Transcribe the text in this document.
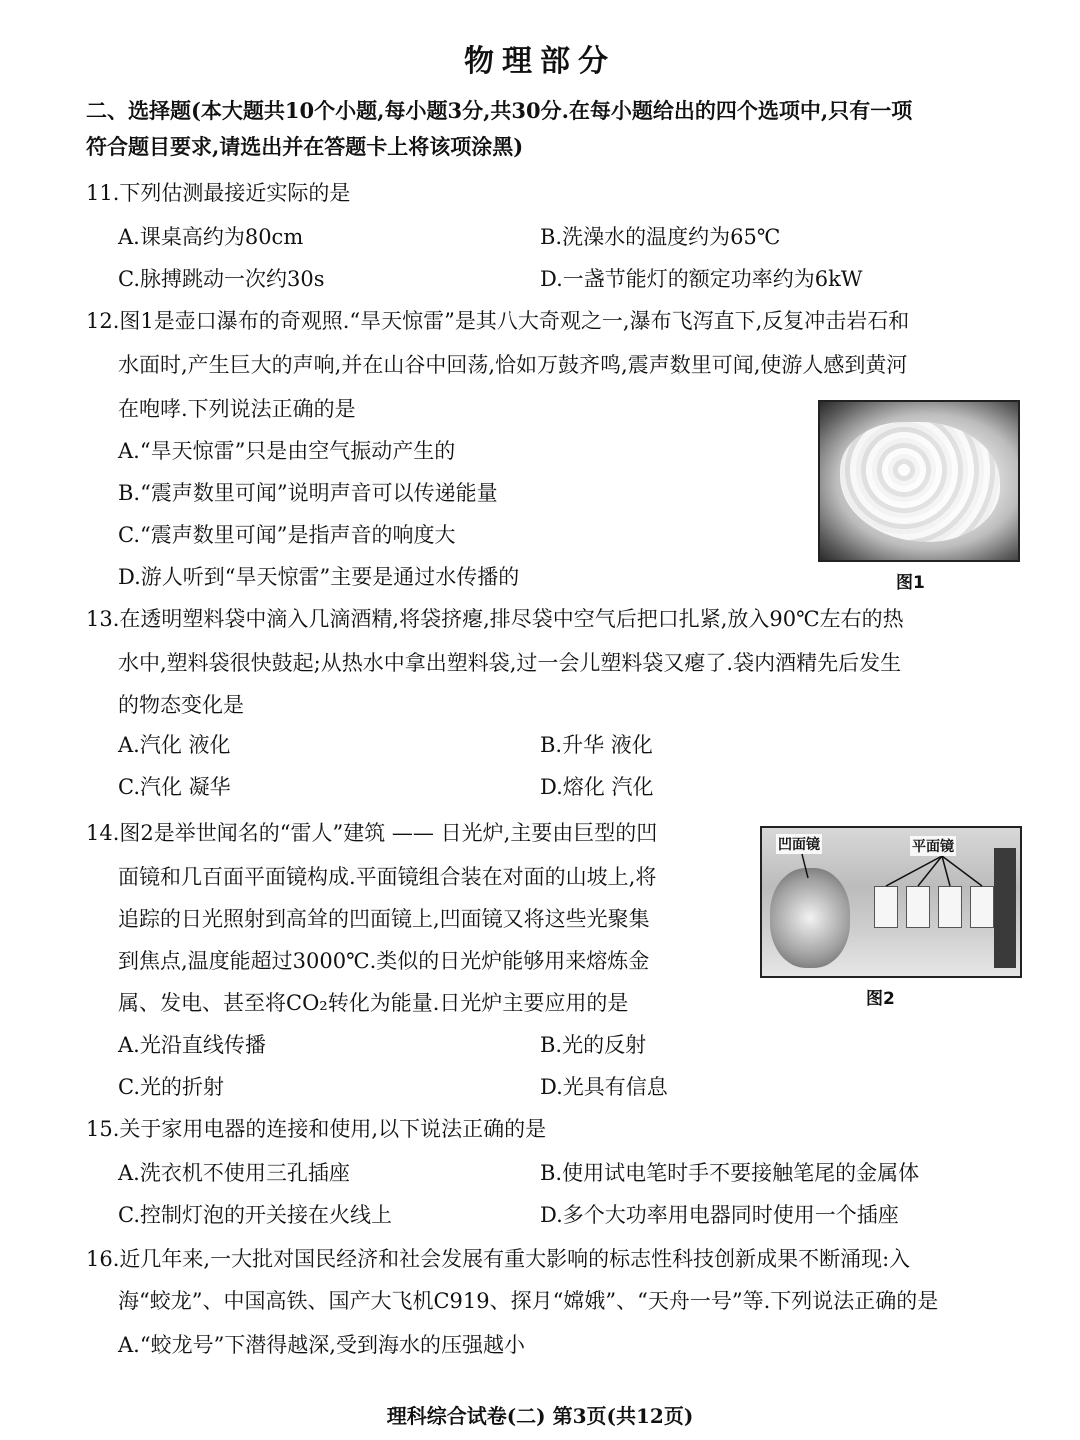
物理部分
二、选择题(本大题共10个小题,每小题3分,共30分.在每小题给出的四个选项中,只有一项
符合题目要求,请选出并在答题卡上将该项涂黑)
11.下列估测最接近实际的是
A.课桌高约为80cm	B.洗澡水的温度约为65℃
C.脉搏跳动一次约30s	D.一盏节能灯的额定功率约为6kW
12.图1是壶口瀑布的奇观照.“旱天惊雷”是其八大奇观之一,瀑布飞泻直下,反复冲击岩石和
水面时,产生巨大的声响,并在山谷中回荡,恰如万鼓齐鸣,震声数里可闻,使游人感到黄河
在咆哮.下列说法正确的是
A.“旱天惊雷”只是由空气振动产生的
B.“震声数里可闻”说明声音可以传递能量
C.“震声数里可闻”是指声音的响度大
D.游人听到“旱天惊雷”主要是通过水传播的	图1
13.在透明塑料袋中滴入几滴酒精,将袋挤瘪,排尽袋中空气后把口扎紧,放入90℃左右的热
水中,塑料袋很快鼓起;从热水中拿出塑料袋,过一会儿塑料袋又瘪了.袋内酒精先后发生
的物态变化是
A.汽化 液化	B.升华 液化
C.汽化 凝华	D.熔化 汽化
14.图2是举世闻名的“雷人”建筑 —— 日光炉,主要由巨型的凹
面镜和几百面平面镜构成.平面镜组合装在对面的山坡上,将
追踪的日光照射到高耸的凹面镜上,凹面镜又将这些光聚集
到焦点,温度能超过3000℃.类似的日光炉能够用来熔炼金
属、发电、甚至将CO₂转化为能量.日光炉主要应用的是
凹面镜	平面镜
图2
A.光沿直线传播	B.光的反射
C.光的折射	D.光具有信息
15.关于家用电器的连接和使用,以下说法正确的是
A.洗衣机不使用三孔插座	B.使用试电笔时手不要接触笔尾的金属体
C.控制灯泡的开关接在火线上	D.多个大功率用电器同时使用一个插座
16.近几年来,一大批对国民经济和社会发展有重大影响的标志性科技创新成果不断涌现:入
海“蛟龙”、中国高铁、国产大飞机C919、探月“嫦娥”、“天舟一号”等.下列说法正确的是
A.“蛟龙号”下潜得越深,受到海水的压强越小
理科综合试卷(二) 第3页(共12页)
